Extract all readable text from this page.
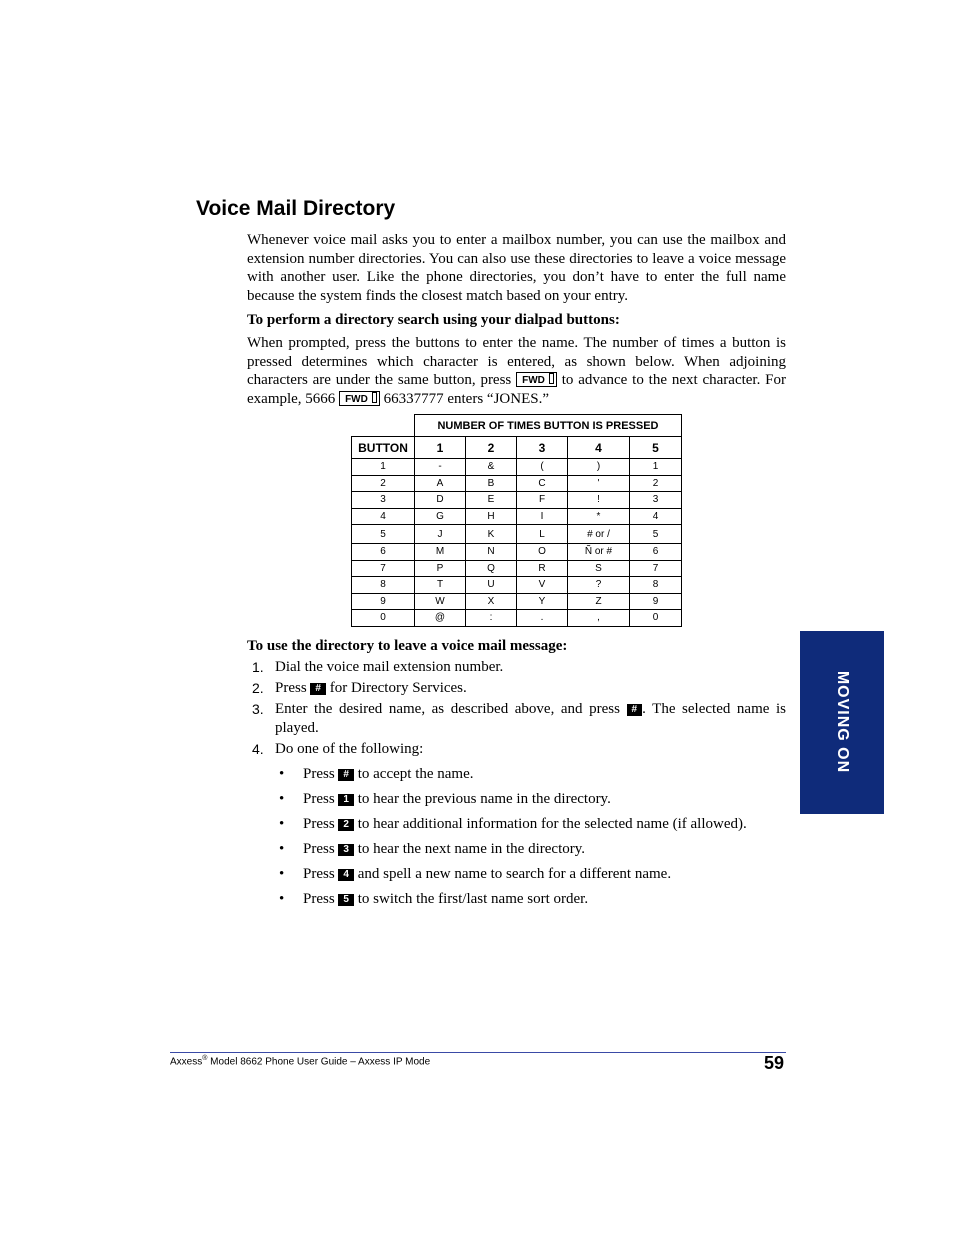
Voice Mail Directory

Whenever voice mail asks you to enter a mailbox number, you can use the mailbox and extension number directories. You can also use these directories to leave a voice message with another user. Like the phone directories, you don’t have to enter the full name because the system finds the closest match based on your entry.

To perform a directory search using your dialpad buttons:

When prompted, press the buttons to enter the name. The number of times a button is pressed determines which character is entered, as shown below. When adjoining characters are under the same button, press FWD to advance to the next character. For example, 5666 FWD 66337777 enters “JONES.”

	NUMBER OF TIMES BUTTON IS PRESSED				
BUTTON	1	2	3	4	5
1	-	&	(	)	1
2	A	B	C	'	2
3	D	E	F	!	3
4	G	H	I	*	4
5	J	K	L	# or /	5
6	M	N	O	Ñ or #	6
7	P	Q	R	S	7
8	T	U	V	?	8
9	W	X	Y	Z	9
0	@	:	.	,	0

To use the directory to leave a voice mail message:

1. Dial the voice mail extension number.
2. Press # for Directory Services.
3. Enter the desired name, as described above, and press # . The selected name is played.
4. Do one of the following:
• Press # to accept the name.
• Press 1 to hear the previous name in the directory.
• Press 2 to hear additional information for the selected name (if allowed).
• Press 3 to hear the next name in the directory.
• Press 4 and spell a new name to search for a different name.
• Press 5 to switch the first/last name sort order.
MOVING ON
Axxess® Model 8662 Phone User Guide – Axxess IP Mode	59
